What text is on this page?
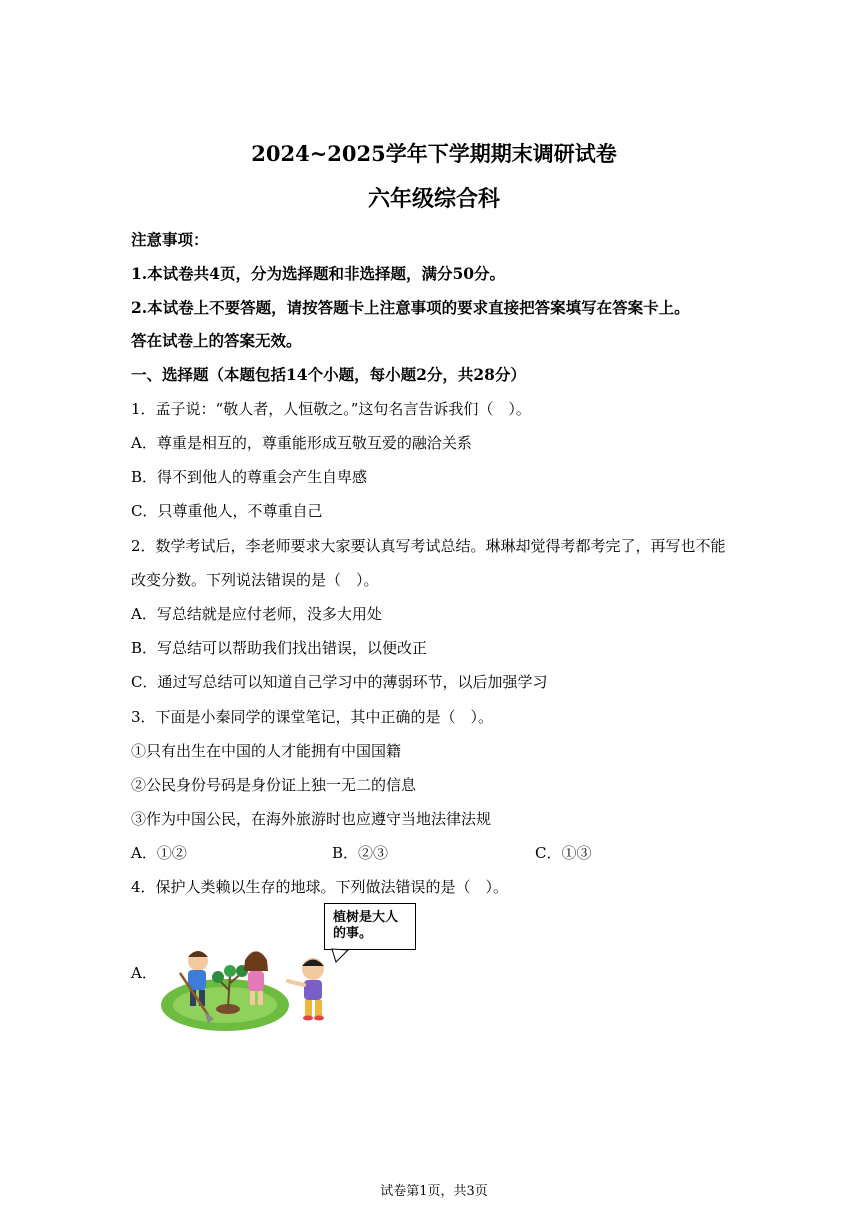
2024~2025学年下学期期末调研试卷
六年级综合科
注意事项：
1.本试卷共4页，分为选择题和非选择题，满分50分。
2.本试卷上不要答题，请按答题卡上注意事项的要求直接把答案填写在答案卡上。
答在试卷上的答案无效。
一、选择题（本题包括14个小题，每小题2分，共28分）
1．孟子说：“敬人者，人恒敬之。”这句名言告诉我们（　）。
A．尊重是相互的，尊重能形成互敬互爱的融洽关系
B．得不到他人的尊重会产生自卑感
C．只尊重他人，不尊重自己
2．数学考试后，李老师要求大家要认真写考试总结。琳琳却觉得考都考完了，再写也不能
改变分数。下列说法错误的是（　）。
A．写总结就是应付老师，没多大用处
B．写总结可以帮助我们找出错误，以便改正
C．通过写总结可以知道自己学习中的薄弱环节，以后加强学习
3．下面是小秦同学的课堂笔记，其中正确的是（　）。
①只有出生在中国的人才能拥有中国国籍
②公民身份号码是身份证上独一无二的信息
③作为中国公民，在海外旅游时也应遵守当地法律法规
A．①②	B．②③	C．①③
4．保护人类赖以生存的地球。下列做法错误的是（　）。
A．
植树是大人的事。
试卷第1页，共3页
